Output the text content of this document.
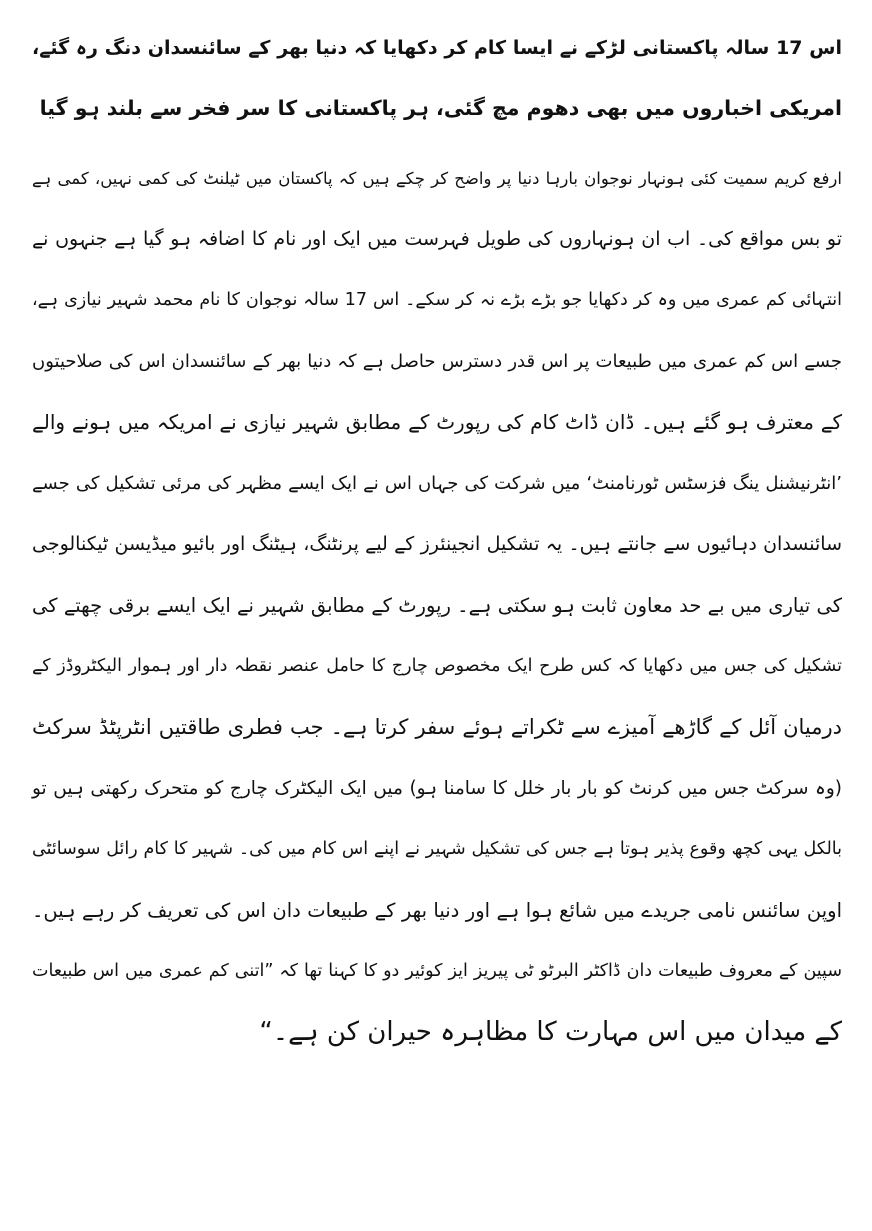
اس 17 سالہ پاکستانی لڑکے نے ایسا کام کر دکھایا کہ دنیا بھر کے سائنسدان دنگ رہ گئے،

امریکی اخباروں میں بھی دھوم مچ گئی، ہر پاکستانی کا سر فخر سے بلند ہو گیا

ارفع کریم سمیت کئی ہونہار نوجوان بارہا دنیا پر واضح کر چکے ہیں کہ پاکستان میں ٹیلنٹ کی کمی نہیں، کمی ہے

تو بس مواقع کی۔ اب ان ہونہاروں کی طویل فہرست میں ایک اور نام کا اضافہ ہو گیا ہے جنہوں نے

انتہائی کم عمری میں وہ کر دکھایا جو بڑے بڑے نہ کر سکے۔ اس 17 سالہ نوجوان کا نام محمد شہیر نیازی ہے،

جسے اس کم عمری میں طبیعات پر اس قدر دسترس حاصل ہے کہ دنیا بھر کے سائنسدان اس کی صلاحیتوں

کے معترف ہو گئے ہیں۔ ڈان ڈاٹ کام کی رپورٹ کے مطابق شہیر نیازی نے امریکہ میں ہونے والے

’انٹرنیشنل ینگ فزسٹس ٹورنامنٹ‘ میں شرکت کی جہاں اس نے ایک ایسے مظہر کی مرئی تشکیل کی جسے

سائنسدان دہائیوں سے جانتے ہیں۔ یہ تشکیل انجینئرز کے لیے پرنٹنگ، ہیٹنگ اور بائیو میڈیسن ٹیکنالوجی

کی تیاری میں بے حد معاون ثابت ہو سکتی ہے۔ رپورٹ کے مطابق شہیر نے ایک ایسے برقی چھتے کی

تشکیل کی جس میں دکھایا کہ کس طرح ایک مخصوص چارج کا حامل عنصر نقطہ دار اور ہموار الیکٹروڈز کے

درمیان آئل کے گاڑھے آمیزے سے ٹکراتے ہوئے سفر کرتا ہے۔ جب فطری طاقتیں انٹرپٹڈ سرکٹ

(وہ سرکٹ جس میں کرنٹ کو بار بار خلل کا سامنا ہو) میں ایک الیکٹرک چارج کو متحرک رکھتی ہیں تو

بالکل یہی کچھ وقوع پذیر ہوتا ہے جس کی تشکیل شہیر نے اپنے اس کام میں کی۔ شہیر کا کام رائل سوسائٹی

اوپن سائنس نامی جریدے میں شائع ہوا ہے اور دنیا بھر کے طبیعات دان اس کی تعریف کر رہے ہیں۔

سپین کے معروف طبیعات دان ڈاکٹر البرٹو ٹی پیریز ایز کوئیر دو کا کہنا تھا کہ ”اتنی کم عمری میں اس طبیعات

کے میدان میں اس مہارت کا مظاہرہ حیران کن ہے۔“
